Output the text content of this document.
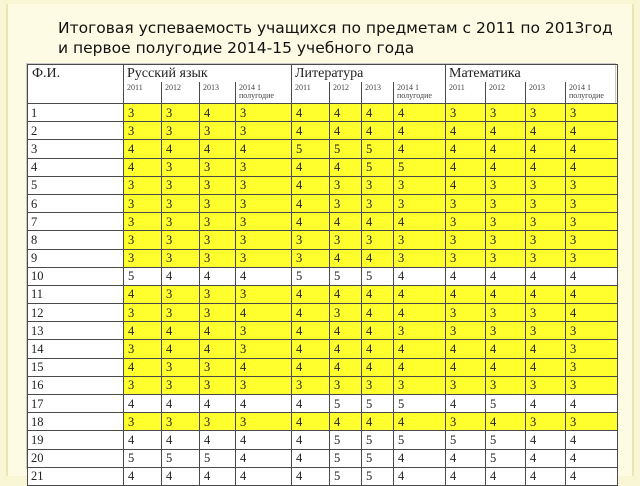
Итоговая успеваемость учащихся по предметам с 2011 по 2013год и первое полугодие 2014-15 учебного года
Ф.И.	Русский язык				Литература				Математика			
	2011	2012	2013	2014 1 полугодие	2011	2012	2013	2014 1 полугодие	2011	2012	2013	2014 1 полугодие
1	3	3	4	3	4	4	4	4	3	3	3	3
2	3	3	3	3	4	4	4	4	4	4	4	4
3	4	4	4	4	5	5	5	4	4	4	4	4
4	4	3	3	3	4	4	5	5	4	4	4	4
5	3	3	3	3	4	3	3	3	4	3	3	3
6	3	3	3	3	4	3	3	3	3	3	3	3
7	3	3	3	3	4	4	4	4	3	3	3	3
8	3	3	3	3	3	3	3	3	3	3	3	3
9	3	3	3	3	3	4	4	3	3	3	3	3
10	5	4	4	4	5	5	5	4	4	4	4	4
11	4	3	3	3	4	4	4	4	4	4	4	4
12	3	3	3	4	4	3	4	4	3	3	3	4
13	4	4	4	3	4	4	4	3	3	3	3	3
14	3	4	4	3	4	4	4	4	4	4	4	3
15	4	3	3	4	4	4	4	4	4	4	4	3
16	3	3	3	3	3	3	3	3	3	3	3	3
17	4	4	4	4	4	5	5	5	4	5	4	4
18	3	3	3	3	4	4	4	4	3	4	3	3
19	4	4	4	4	4	5	5	5	5	5	4	4
20	5	5	5	4	4	5	5	4	4	5	4	4
21	4	4	4	4	4	5	5	4	4	4	4	4
